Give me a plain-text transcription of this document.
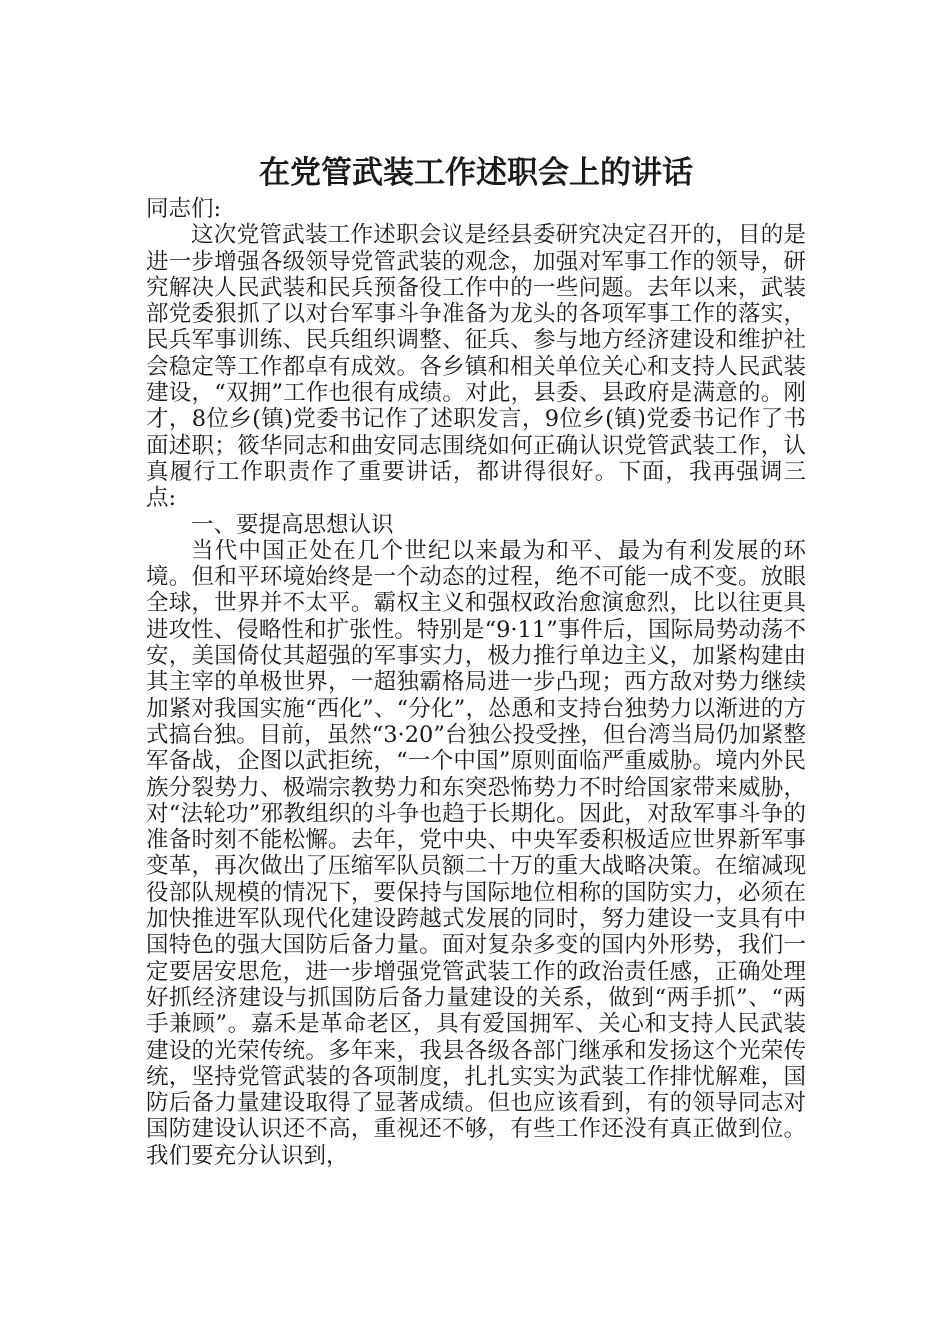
在党管武装工作述职会上的讲话

同志们:

这次党管武装工作述职会议是经县委研究决定召开的，目的是进一步增强各级领导党管武装的观念，加强对军事工作的领导，研究解决人民武装和民兵预备役工作中的一些问题。去年以来，武装部党委狠抓了以对台军事斗争准备为龙头的各项军事工作的落实，民兵军事训练、民兵组织调整、征兵、参与地方经济建设和维护社会稳定等工作都卓有成效。各乡镇和相关单位关心和支持人民武装建设，“双拥”工作也很有成绩。对此，县委、县政府是满意的。刚才，8位乡(镇)党委书记作了述职发言，9位乡(镇)党委书记作了书面述职；筱华同志和曲安同志围绕如何正确认识党管武装工作，认真履行工作职责作了重要讲话，都讲得很好。下面，我再强调三点:

一、要提高思想认识

当代中国正处在几个世纪以来最为和平、最为有利发展的环境。但和平环境始终是一个动态的过程，绝不可能一成不变。放眼全球，世界并不太平。霸权主义和强权政治愈演愈烈，比以往更具进攻性、侵略性和扩张性。特别是“9·11”事件后，国际局势动荡不安，美国倚仗其超强的军事实力，极力推行单边主义，加紧构建由其主宰的单极世界，一超独霸格局进一步凸现；西方敌对势力继续加紧对我国实施“西化”、“分化”，怂恿和支持台独势力以渐进的方式搞台独。目前，虽然“3·20”台独公投受挫，但台湾当局仍加紧整军备战，企图以武拒统，“一个中国”原则面临严重威胁。境内外民族分裂势力、极端宗教势力和东突恐怖势力不时给国家带来威胁，对“法轮功”邪教组织的斗争也趋于长期化。因此，对敌军事斗争的准备时刻不能松懈。去年，党中央、中央军委积极适应世界新军事变革，再次做出了压缩军队员额二十万的重大战略决策。在缩减现役部队规模的情况下，要保持与国际地位相称的国防实力，必须在加快推进军队现代化建设跨越式发展的同时，努力建设一支具有中国特色的强大国防后备力量。面对复杂多变的国内外形势，我们一定要居安思危，进一步增强党管武装工作的政治责任感，正确处理好抓经济建设与抓国防后备力量建设的关系，做到“两手抓”、“两手兼顾”。嘉禾是革命老区，具有爱国拥军、关心和支持人民武装建设的光荣传统。多年来，我县各级各部门继承和发扬这个光荣传统，坚持党管武装的各项制度，扎扎实实为武装工作排忧解难，国防后备力量建设取得了显著成绩。但也应该看到，有的领导同志对国防建设认识还不高，重视还不够，有些工作还没有真正做到位。我们要充分认识到，
